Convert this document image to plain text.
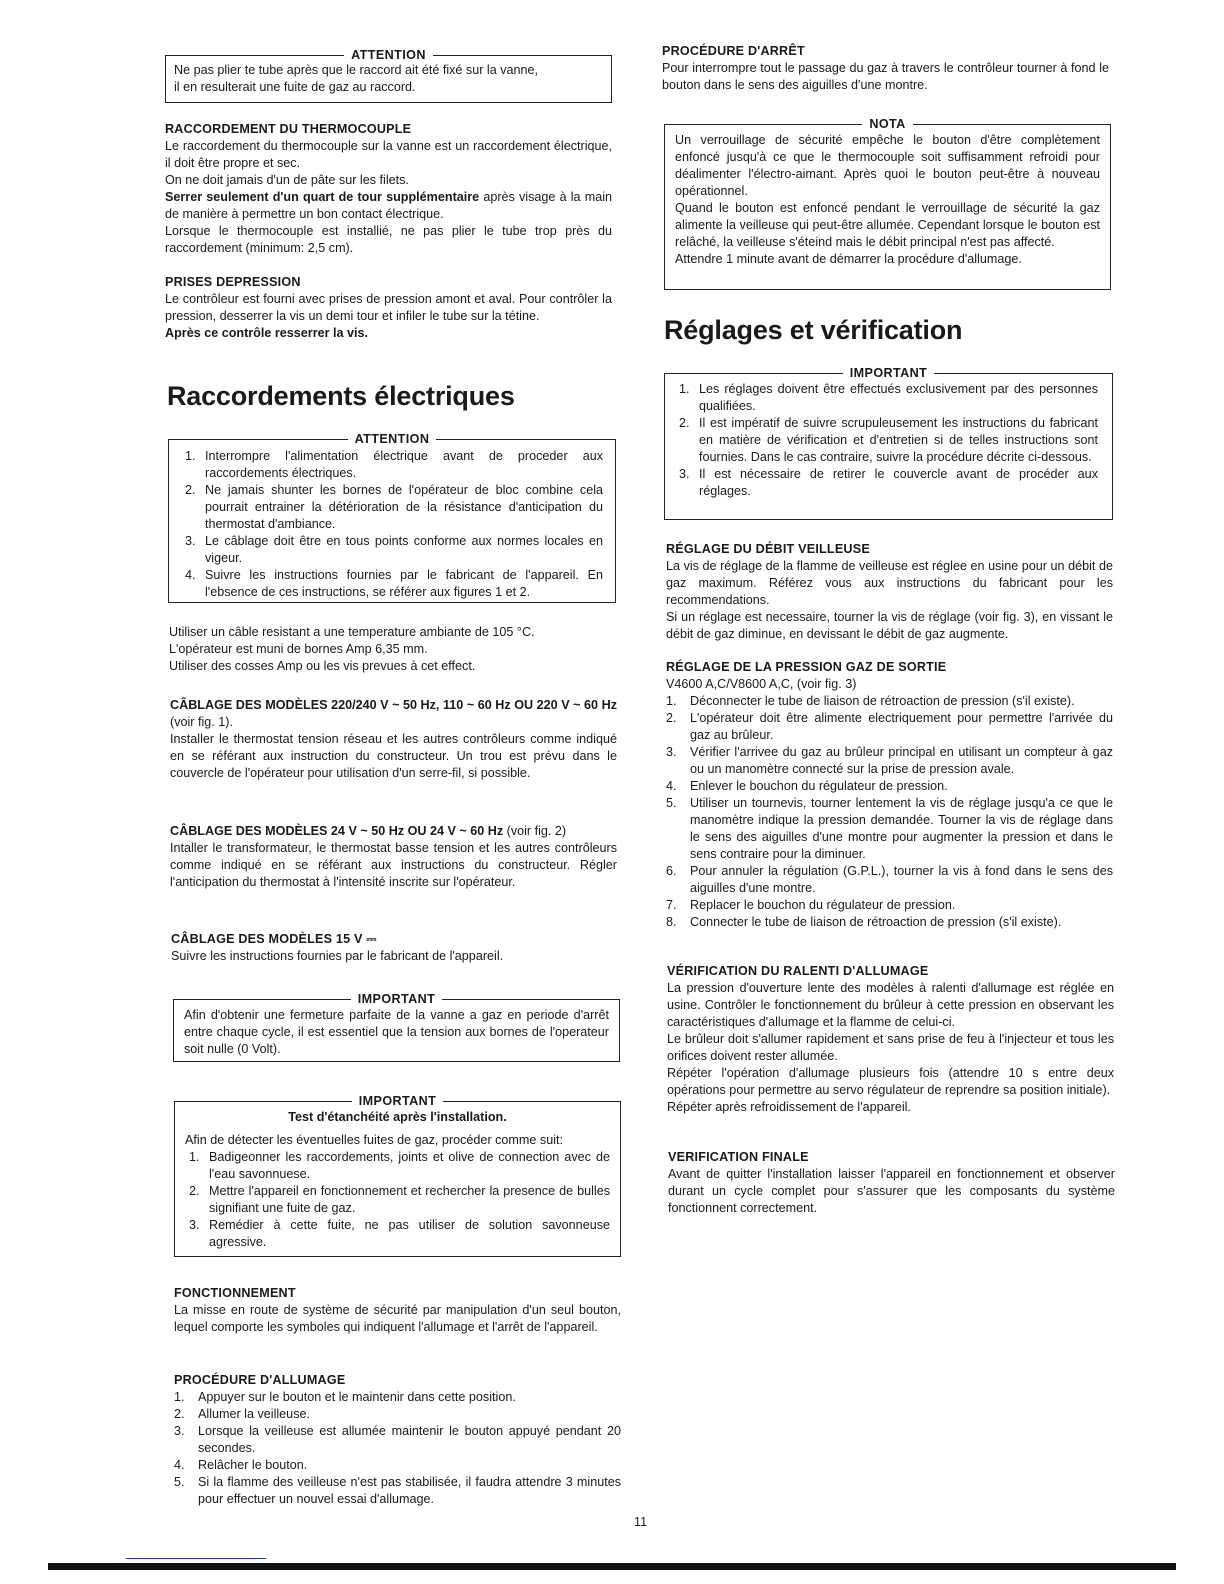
ATTENTION

Ne pas plier te tube après que le raccord ait été fixé sur la vanne,

il en resulterait une fuite de gaz au raccord.

RACCORDEMENT DU THERMOCOUPLE

Le raccordement du thermocouple sur la vanne est un raccordement électrique, il doit être propre et sec.

On ne doit jamais d'un de pâte sur les filets.

Serrer seulement d'un quart de tour supplémentaire après visage à la main de manière à permettre un bon contact électrique.

Lorsque le thermocouple est installié, ne pas plier le tube trop près du raccordement (minimum: 2,5 cm).

PRISES DEPRESSION

Le contrôleur est fourni avec prises de pression amont et aval. Pour contrôler la pression, desserrer la vis un demi tour et infiler le tube sur la tétine.

Après ce contrôle resserrer la vis.

Raccordements électriques
ATTENTION
1. Interrompre l'alimentation électrique avant de proceder aux raccordements électriques.
2. Ne jamais shunter les bornes de l'opérateur de bloc combine cela pourrait entrainer la détérioration de la résistance d'anticipation du thermostat d'ambiance.
3. Le câblage doit être en tous points conforme aux normes locales en vigeur.
4. Suivre les instructions fournies par le fabricant de l'appareil. En l'ebsence de ces instructions, se référer aux figures 1 et 2.

Utiliser un câble resistant a une temperature ambiante de 105 °C.

L'opérateur est muni de bornes Amp 6,35 mm.

Utiliser des cosses Amp ou les vis prevues à cet effect.

CÂBLAGE DES MODÈLES 220/240 V ~ 50 Hz, 110 ~ 60 Hz OU 220 V ~ 60 Hz (voir fig. 1).

Installer le thermostat tension réseau et les autres contrôleurs comme indiqué en se référant aux instruction du constructeur. Un trou est prévu dans le couvercle de l'opérateur pour utilisation d'un serre-fil, si possible.

CÂBLAGE DES MODÈLES 24 V ~ 50 Hz OU 24 V ~ 60 Hz (voir fig. 2)

Intaller le transformateur, le thermostat basse tension et les autres contrôleurs comme indiqué en se référant aux instructions du constructeur. Régler l'anticipation du thermostat à l'intensité inscrite sur l'opérateur.

CÂBLAGE DES MODÈLES 15 V ⎓

Suivre les instructions fournies par le fabricant de l'appareil.

IMPORTANT

Afin d'obtenir une fermeture parfaite de la vanne a gaz en periode d'arrêt entre chaque cycle, il est essentiel que la tension aux bornes de l'operateur soit nulle (0 Volt).

IMPORTANT

Test d'étanchéité après l'installation.

Afin de détecter les éventuelles fuites de gaz, procéder comme suit:

1. Badigeonner les raccordements, joints et olive de connection avec de l'eau savonnuese.
2. Mettre l'appareil en fonctionnement et rechercher la presence de bulles signifiant une fuite de gaz.
3. Remédier à cette fuite, ne pas utiliser de solution savonneuse agressive.

FONCTIONNEMENT

La misse en route de système de sécurité par manipulation d'un seul bouton, lequel comporte les symboles qui indiquent l'allumage et l'arrêt de l'appareil.

PROCÉDURE D'ALLUMAGE

1. Appuyer sur le bouton et le maintenir dans cette position.
2. Allumer la veilleuse.
3. Lorsque la veilleuse est allumée maintenir le bouton appuyé pendant 20 secondes.
4. Relâcher le bouton.
5. Si la flamme des veilleuse n'est pas stabilisée, il faudra attendre 3 minutes pour effectuer un nouvel essai d'allumage.

PROCÉDURE D'ARRÊT

Pour interrompre tout le passage du gaz à travers le contrôleur tourner à fond le bouton dans le sens des aiguilles d'une montre.

NOTA

Un verrouillage de sécurité empêche le bouton d'être complètement enfoncé jusqu'à ce que le thermocouple soit suffisamment refroidi pour déalimenter l'électro-aimant. Après quoi le bouton peut-être à nouveau opérationnel.

Quand le bouton est enfoncé pendant le verrouillage de sécurité la gaz alimente la veilleuse qui peut-être allumée. Cependant lorsque le bouton est relâché, la veilleuse s'éteind mais le débit principal n'est pas affecté.

Attendre 1 minute avant de démarrer la procédure d'allumage.

Réglages et vérification
IMPORTANT
1. Les réglages doivent être effectués exclusivement par des personnes qualifiées.
2. Il est impératif de suivre scrupuleusement les instructions du fabricant en matière de vérification et d'entretien si de telles instructions sont fournies. Dans le cas contraire, suivre la procédure décrite ci-dessous.
3. Il est nécessaire de retirer le couvercle avant de procéder aux réglages.

RÉGLAGE DU DÉBIT VEILLEUSE

La vis de réglage de la flamme de veilleuse est réglee en usine pour un débit de gaz maximum. Référez vous aux instructions du fabricant pour les recommendations.

Si un réglage est necessaire, tourner la vis de réglage (voir fig. 3), en vissant le débit de gaz diminue, en devissant le débit de gaz augmente.

RÉGLAGE DE LA PRESSION GAZ DE SORTIE

V4600 A,C/V8600 A,C, (voir fig. 3)

1. Déconnecter le tube de liaison de rétroaction de pression (s'il existe).
2. L'opérateur doit être alimente electriquement pour permettre l'arrivée du gaz au brûleur.
3. Vérifier l'arrivee du gaz au brûleur principal en utilisant un compteur à gaz ou un manomètre connecté sur la prise de pression avale.
4. Enlever le bouchon du régulateur de pression.
5. Utiliser un tournevis, tourner lentement la vis de réglage jusqu'a ce que le manomètre indique la pression demandée. Tourner la vis de réglage dans le sens des aiguilles d'une montre pour augmenter la pression et dans le sens contraire pour la diminuer.
6. Pour annuler la régulation (G.P.L.), tourner la vis à fond dans le sens des aiguilles d'une montre.
7. Replacer le bouchon du régulateur de pression.
8. Connecter le tube de liaison de rétroaction de pression (s'il existe).

VÉRIFICATION DU RALENTI D'ALLUMAGE

La pression d'ouverture lente des modèles à ralenti d'allumage est réglée en usine. Contrôler le fonctionnement du brûleur à cette pression en observant les caractéristiques d'allumage et la flamme de celui-ci.

Le brûleur doit s'allumer rapidement et sans prise de feu à l'injecteur et tous les orifices doivent rester allumée.

Répéter l'opération d'allumage plusieurs fois (attendre 10 s entre deux opérations pour permettre au servo régulateur de reprendre sa position initiale).

Répéter après refroidissement de l'appareil.

VERIFICATION FINALE

Avant de quitter l'installation laisser l'appareil en fonctionnement et observer durant un cycle complet pour s'assurer que les composants du système fonctionnent correctement.

11
